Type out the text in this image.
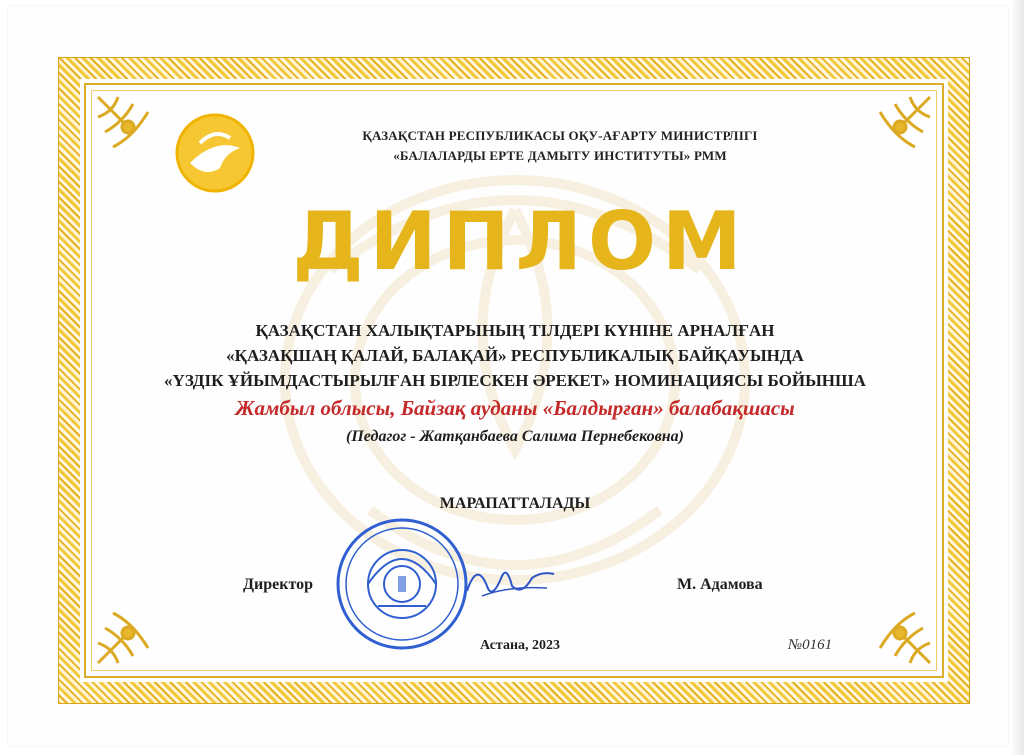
ҚАЗАҚСТАН РЕСПУБЛИКАСЫ ОҚУ-АҒАРТУ МИНИСТРЛІГІ
«БАЛАЛАРДЫ ЕРТЕ ДАМЫТУ ИНСТИТУТЫ» РММ
ДИПЛОМ
ҚАЗАҚСТАН ХАЛЫҚТАРЫНЫҢ ТІЛДЕРІ КҮНІНЕ АРНАЛҒАН
«ҚАЗАҚШАҢ ҚАЛАЙ, БАЛАҚАЙ» РЕСПУБЛИКАЛЫҚ БАЙҚАУЫНДА
«ҮЗДІК ҰЙЫМДАСТЫРЫЛҒАН БІРЛЕСКЕН ӘРЕКЕТ» НОМИНАЦИЯСЫ БОЙЫНША
Жамбыл облысы, Байзақ ауданы «Балдырған» балабақшасы
(Педагог - Жатқанбаева Салима Пернебековна)
МАРАПАТТАЛАДЫ
Директор	М. Адамова
Астана, 2023	№0161
